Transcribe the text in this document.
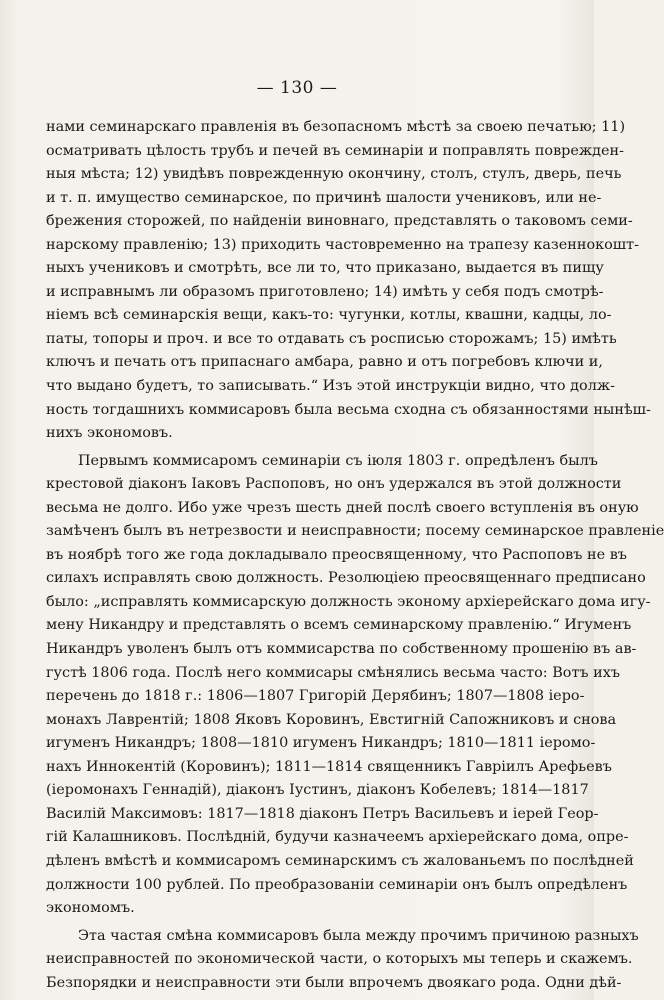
— 130 —
нами семинарскаго правленія въ безопасномъ мѣстѣ за своею печатью; 11)
осматривать цѣлость трубъ и печей въ семинаріи и поправлять поврежден-
ныя мѣста; 12) увидѣвъ поврежденную окончину, столъ, стулъ, дверь, печь
и т. п. имущество семинарское, по причинѣ шалости учениковъ, или не-
брежения сторожей, по найденіи виновнаго, представлять о таковомъ семи-
нарскому правленію; 13) приходить частовременно на трапезу казеннокошт-
ныхъ учениковъ и смотрѣть, все ли то, что приказано, выдается въ пищу
и исправнымъ ли образомъ приготовлено; 14) имѣть у себя подъ смотрѣ-
ніемъ всѣ семинарскія вещи, какъ-то: чугунки, котлы, квашни, кадцы, ло-
паты, топоры и проч. и все то отдавать съ росписью сторожамъ; 15) имѣть
ключъ и печать отъ припаснаго амбара, равно и отъ погребовъ ключи и,
что выдано будетъ, то записывать.“ Изъ этой инструкціи видно, что долж-
ность тогдашнихъ коммисаровъ была весьма сходна съ обязанностями нынѣш-
нихъ экономовъ.
Первымъ коммисаромъ семинаріи съ іюля 1803 г. опредѣленъ былъ
крестовой діаконъ Іаковъ Распоповъ, но онъ удержался въ этой должности
весьма не долго. Ибо уже чрезъ шесть дней послѣ своего вступленія въ оную
замѣченъ былъ въ нетрезвости и неисправности; посему семинарское правленіе
въ ноябрѣ того же года докладывало преосвященному, что Распоповъ не въ
силахъ исправлять свою должность. Резолюціею преосвященнаго предписано
было: „исправлять коммисарскую должность эконому архіерейскаго дома игу-
мену Никандру и представлять о всемъ семинарскому правленію.“ Игуменъ
Никандръ уволенъ былъ отъ коммисарства по собственному прошенію въ ав-
густѣ 1806 года. Послѣ него коммисары смѣнялись весьма часто: Вотъ ихъ
перечень до 1818 г.: 1806—1807 Григорій Дерябинъ; 1807—1808 іеро-
монахъ Лаврентій; 1808 Яковъ Коровинъ, Евстигній Сапожниковъ и снова
игуменъ Никандръ; 1808—1810 игуменъ Никандръ; 1810—1811 іеромо-
нахъ Иннокентій (Коровинъ); 1811—1814 священникъ Гавріилъ Арефьевъ
(іеромонахъ Геннадій), діаконъ Іустинъ, діаконъ Кобелевъ; 1814—1817
Василій Максимовъ: 1817—1818 діаконъ Петръ Васильевъ и іерей Геор-
гій Калашниковъ. Послѣдній, будучи казначеемъ архіерейскаго дома, опре-
дѣленъ вмѣстѣ и коммисаромъ семинарскимъ съ жалованьемъ по послѣдней
должности 100 рублей. По преобразованіи семинаріи онъ былъ опредѣленъ
экономомъ.
Эта частая смѣна коммисаровъ была между прочимъ причиною разныхъ
неисправностей по экономической части, о которыхъ мы теперь и скажемъ.
Безпорядки и неисправности эти были впрочемъ двоякаго рода. Одни дѣй-
